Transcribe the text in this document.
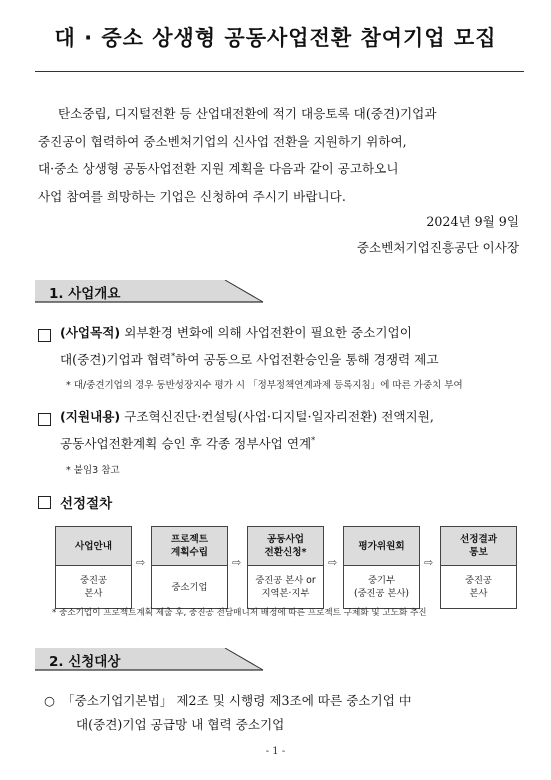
대 · 중소 상생형 공동사업전환 참여기업 모집

탄소중립, 디지털전환 등 산업대전환에 적기 대응토록 대(중견)기업과

중진공이 협력하여 중소벤처기업의 신사업 전환을 지원하기 위하여,
대·중소 상생형 공동사업전환 지원 계획을 다음과 같이 공고하오니
사업 참여를 희망하는 기업은 신청하여 주시기 바랍니다.
2024년 9월 9일
중소벤처기업진흥공단 이사장
1. 사업개요
(사업목적) 외부환경 변화에 의해 사업전환이 필요한 중소기업이
대(중견)기업과 협력*하여 공동으로 사업전환승인을 통해 경쟁력 제고
* 대/중견기업의 경우 동반성장지수 평가 시 「정부정책연계과제 등록지침」에 따른 가중치 부여
(지원내용) 구조혁신진단·컨설팅(사업·디지털·일자리전환) 전액지원,
공동사업전환계획 승인 후 각종 정부사업 연계*
* 붙임3 참고
선정절차
사업안내
중진공
본사
⇨
프로젝트
계획수립
중소기업
⇨
공동사업
전환신청*
중진공 본사 or
지역본·지부
⇨
평가위원회
중기부
(중진공 본사)
⇨
선정결과
통보
중진공
본사
* 중소기업이 프로젝트계획 제출 후, 중진공 전담매니저 배정에 따른 프로젝트 구체화 및 고도화 추진
2. 신청대상
○ 「중소기업기본법」 제2조 및 시행령 제3조에 따른 중소기업 中
대(중견)기업 공급망 내 협력 중소기업
- 1 -
